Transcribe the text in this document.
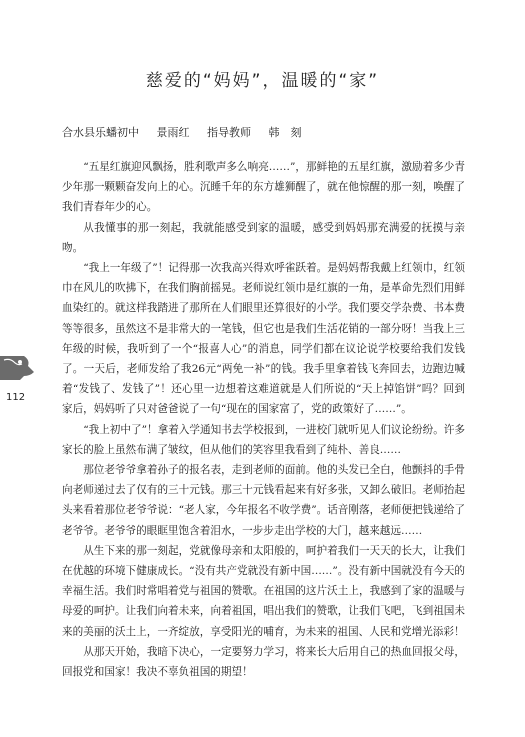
慈爱的“妈妈”，温暖的“家”
合水县乐蟠初中 景雨红 指导教师 韩　刻

“五星红旗迎风飘扬，胜利歌声多么响亮……”，那鲜艳的五星红旗，激励着多少青少年那一颗颗奋发向上的心。沉睡千年的东方雄狮醒了，就在他惊醒的那一刻，唤醒了我们青春年少的心。

从我懂事的那一刻起，我就能感受到家的温暖，感受到妈妈那充满爱的抚摸与亲吻。

“我上一年级了”！记得那一次我高兴得欢呼雀跃着。是妈妈帮我戴上红领巾，红领巾在风儿的吹拂下，在我们胸前摇晃。老师说红领巾是红旗的一角，是革命先烈们用鲜血染红的。就这样我踏进了那所在人们眼里还算很好的小学。我们要交学杂费、书本费等等很多，虽然这不是非常大的一笔钱，但它也是我们生活花销的一部分呀！当我上三年级的时候，我听到了一个“报喜人心”的消息，同学们都在议论说学校要给我们发钱了。一天后，老师发给了我26元“两免一补”的钱。我手里拿着钱飞奔回去，边跑边喊着“发钱了、发钱了”！还心里一边想着这难道就是人们所说的“天上掉馅饼”吗？回到家后，妈妈听了只对爸爸说了一句“现在的国家富了，党的政策好了……”。

“我上初中了”！拿着入学通知书去学校报到，一进校门就听见人们议论纷纷。许多家长的脸上虽然布满了皱纹，但从他们的笑容里我看到了纯朴、善良……

那位老爷爷拿着孙子的报名表，走到老师的面前。他的头发已全白，他颤抖的手骨向老师递过去了仅有的三十元钱。那三十元钱看起来有好多张，又卸么破旧。老师抬起头来看着那位老爷爷说：“老人家，今年报名不收学费”。话音刚落，老师便把钱递给了老爷爷。老爷爷的眼眶里饱含着泪水，一步步走出学校的大门，越来越远……

从生下来的那一刻起，党就像母亲和太阳般的，呵护着我们一天天的长大，让我们在优越的环境下健康成长。“没有共产党就没有新中国……”。没有新中国就没有今天的幸福生活。我们时常唱着党与祖国的赞歌。在祖国的这片沃土上，我感到了家的温暖与母爱的呵护。让我们向着未来，向着祖国，唱出我们的赞歌，让我们飞吧，飞到祖国未来的美丽的沃土上，一齐绽放，享受阳光的哺育，为未来的祖国、人民和党增光添彩！

从那天开始，我暗下决心，一定要努力学习，将来长大后用自己的热血回报父母，回报党和国家！我决不辜负祖国的期望！

112
